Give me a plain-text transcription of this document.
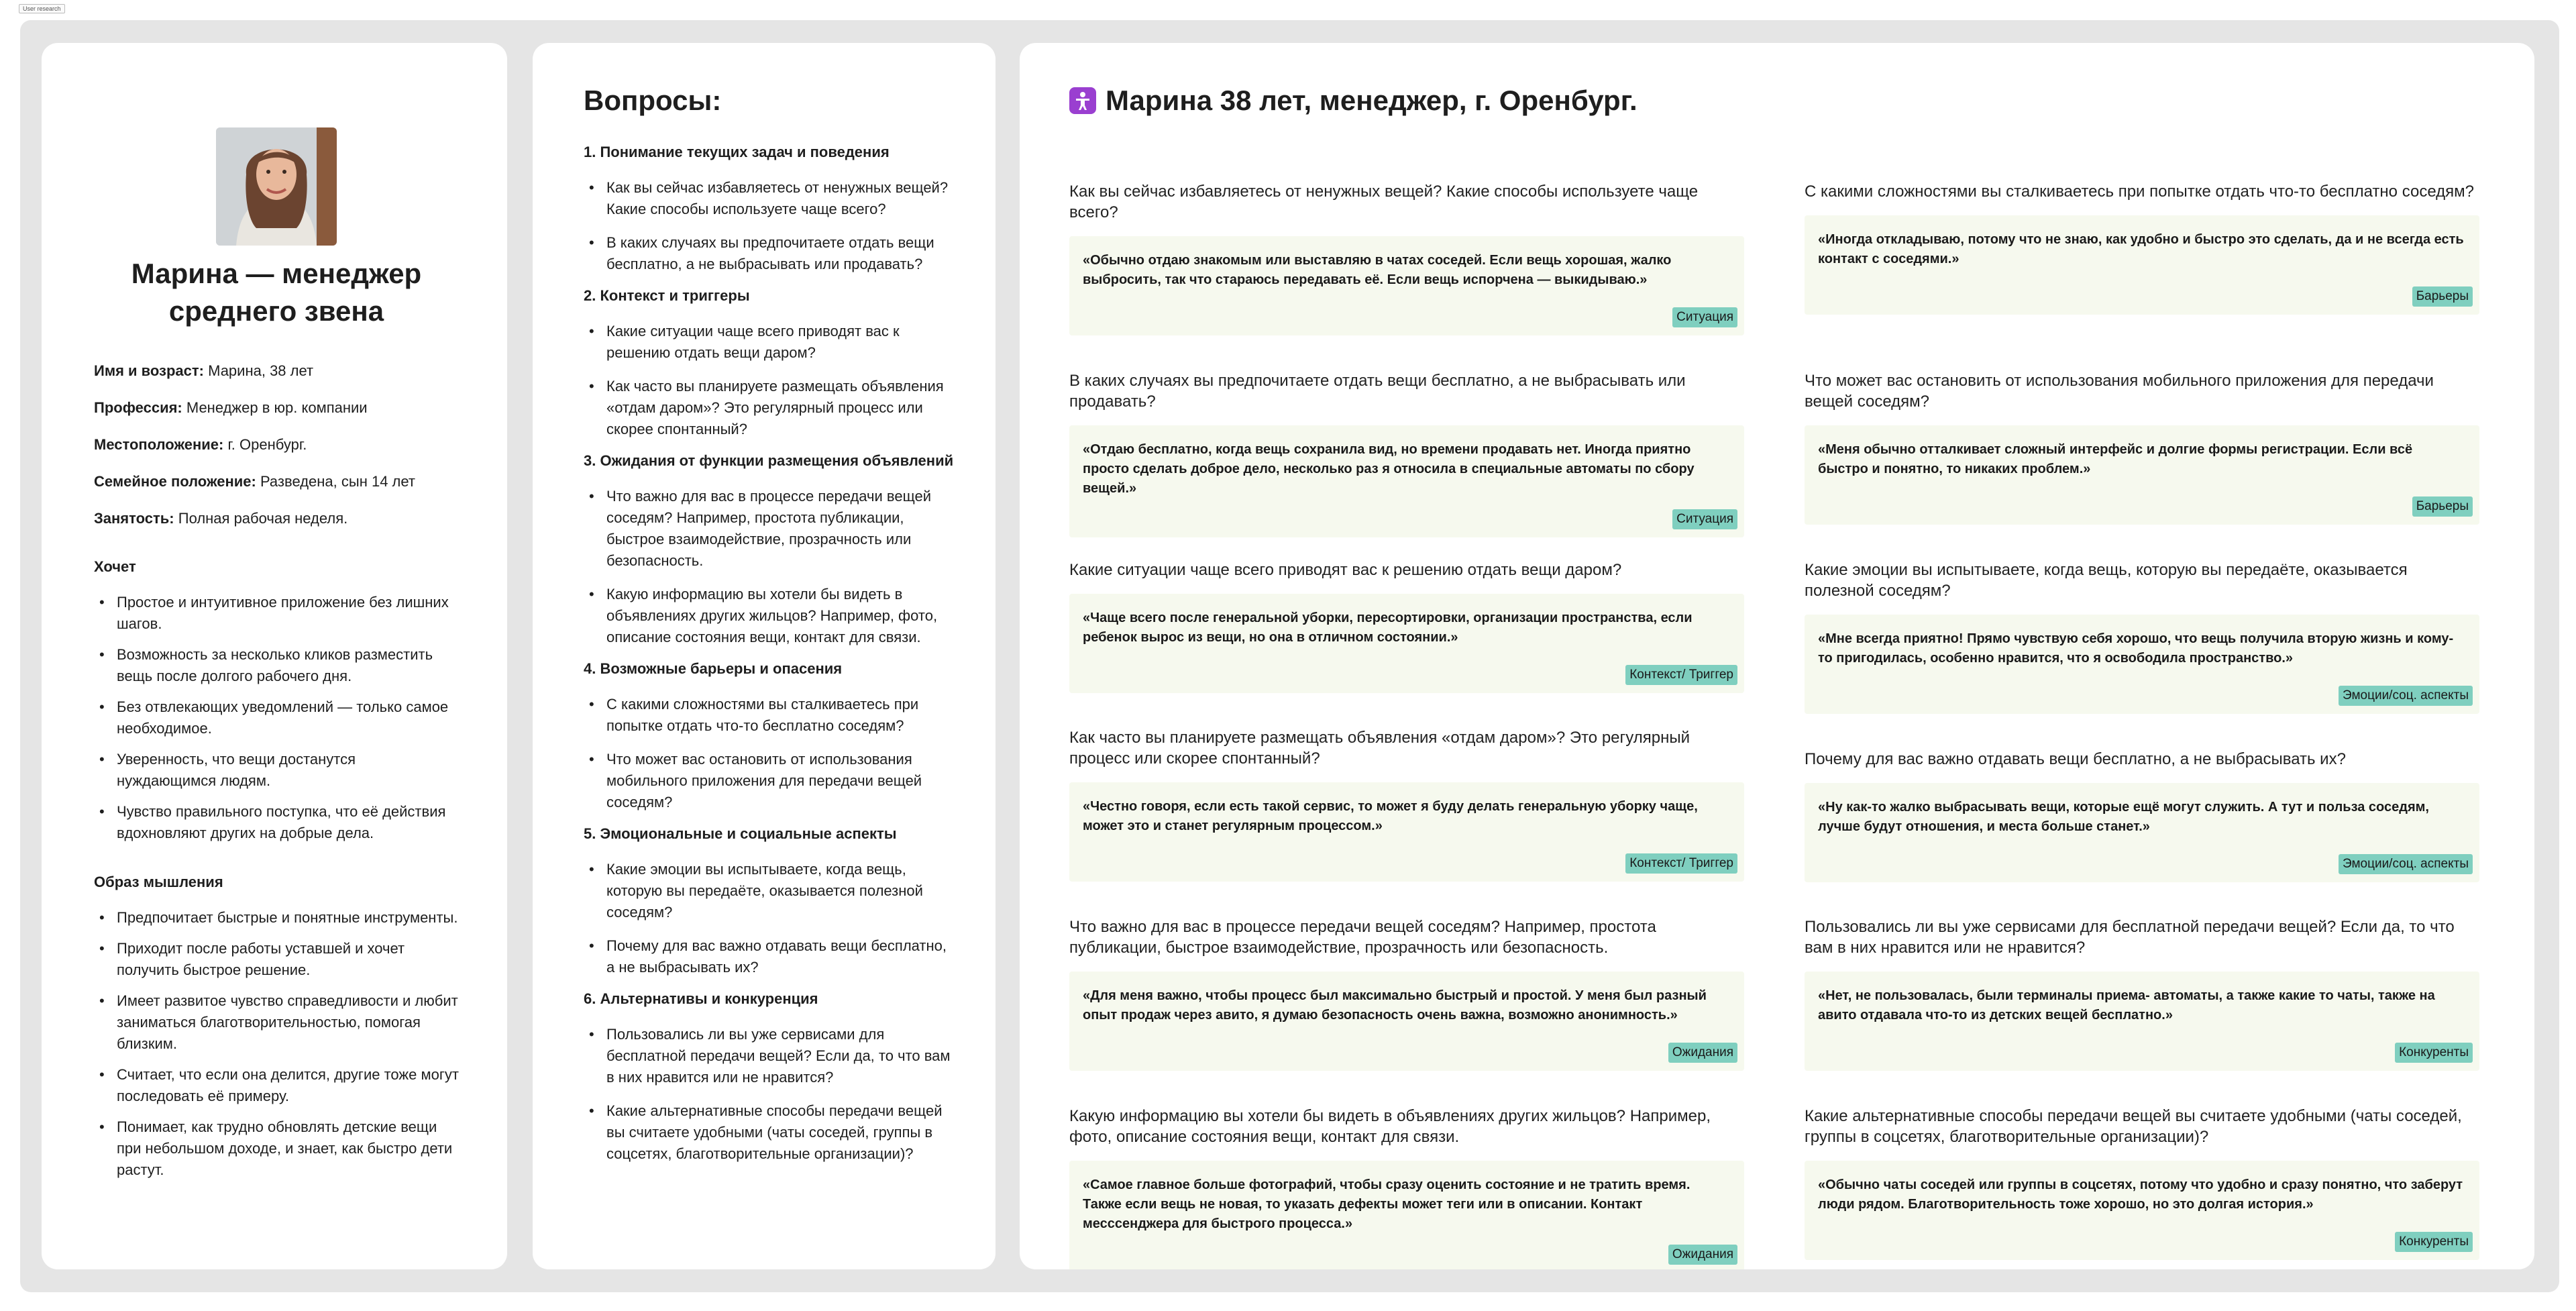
User research
Марина — менеджер среднего звена

Имя и возраст: Марина, 38 лет

Профессия: Менеджер в юр. компании

Местоположение: г. Оренбург.

Семейное положение: Разведена, сын 14 лет

Занятость: Полная рабочая неделя.

Хочет
• Простое и интуитивное приложение без лишних шагов.
• Возможность за несколько кликов разместить вещь после долгого рабочего дня.
• Без отвлекающих уведомлений — только самое необходимое.
• Уверенность, что вещи достанутся нуждающимся людям.
• Чувство правильного поступка, что её действия вдохновляют других на добрые дела.
Образ мышления
• Предпочитает быстрые и понятные инструменты.
• Приходит после работы уставшей и хочет получить быстрое решение.
• Имеет развитое чувство справедливости и любит заниматься благотворительностью, помогая близким.
• Считает, что если она делится, другие тоже могут последовать её примеру.
• Понимает, как трудно обновлять детские вещи при небольшом доходе, и знает, как быстро дети растут.
Вопросы:
1. Понимание текущих задач и поведения
• Как вы сейчас избавляетесь от ненужных вещей? Какие способы используете чаще всего?
• В каких случаях вы предпочитаете отдать вещи бесплатно, а не выбрасывать или продавать?
2. Контекст и триггеры
• Какие ситуации чаще всего приводят вас к решению отдать вещи даром?
• Как часто вы планируете размещать объявления «отдам даром»? Это регулярный процесс или скорее спонтанный?
3. Ожидания от функции размещения объявлений
• Что важно для вас в процессе передачи вещей соседям? Например, простота публикации, быстрое взаимодействие, прозрачность или безопасность.
• Какую информацию вы хотели бы видеть в объявлениях других жильцов? Например, фото, описание состояния вещи, контакт для связи.
4. Возможные барьеры и опасения
• С какими сложностями вы сталкиваетесь при попытке отдать что-то бесплатно соседям?
• Что может вас остановить от использования мобильного приложения для передачи вещей соседям?
5. Эмоциональные и социальные аспекты
• Какие эмоции вы испытываете, когда вещь, которую вы передаёте, оказывается полезной соседям?
• Почему для вас важно отдавать вещи бесплатно, а не выбрасывать их?
6. Альтернативы и конкуренция
• Пользовались ли вы уже сервисами для бесплатной передачи вещей? Если да, то что вам в них нравится или не нравится?
• Какие альтернативные способы передачи вещей вы считаете удобными (чаты соседей, группы в соцсетях, благотворительные организации)?
Марина 38 лет, менеджер, г. Оренбург.

Как вы сейчас избавляетесь от ненужных вещей? Какие способы используете чаще всего?

«Обычно отдаю знакомым или выставляю в чатах соседей. Если вещь хорошая, жалко выбросить, так что стараюсь передавать её. Если вещь испорчена — выкидываю.»

Ситуация

В каких случаях вы предпочитаете отдать вещи бесплатно, а не выбрасывать или продавать?

«Отдаю бесплатно, когда вещь сохранила вид, но времени продавать нет. Иногда приятно просто сделать доброе дело, несколько раз я относила в специальные автоматы по сбору вещей.»

Ситуация

Какие ситуации чаще всего приводят вас к решению отдать вещи даром?

«Чаще всего после генеральной уборки, пересортировки, организации пространства, если ребенок вырос из вещи, но она в отличном состоянии.»

Контекст/ Триггер

Как часто вы планируете размещать объявления «отдам даром»? Это регулярный процесс или скорее спонтанный?

«Честно говоря, если есть такой сервис, то может я буду делать генеральную уборку чаще, может это и станет регулярным процессом.»

Контекст/ Триггер

Что важно для вас в процессе передачи вещей соседям? Например, простота публикации, быстрое взаимодействие, прозрачность или безопасность.

«Для меня важно, чтобы процесс был максимально быстрый и простой. У меня был разный опыт продаж через авито, я думаю безопасность очень важна, возможно анонимность.»

Ожидания

Какую информацию вы хотели бы видеть в объявлениях других жильцов? Например, фото, описание состояния вещи, контакт для связи.

«Самое главное больше фотографий, чтобы сразу оценить состояние и не тратить время. Также если вещь не новая, то указать дефекты может теги или в описании. Контакт месссенджера для быстрого процесса.»

Ожидания

С какими сложностями вы сталкиваетесь при попытке отдать что-то бесплатно соседям?

«Иногда откладываю, потому что не знаю, как удобно и быстро это сделать, да и не всегда есть контакт с соседями.»

Барьеры

Что может вас остановить от использования мобильного приложения для передачи вещей соседям?

«Меня обычно отталкивает сложный интерфейс и долгие формы регистрации. Если всё быстро и понятно, то никаких проблем.»

Барьеры

Какие эмоции вы испытываете, когда вещь, которую вы передаёте, оказывается полезной соседям?

«Мне всегда приятно! Прямо чувствую себя хорошо, что вещь получила вторую жизнь и кому-то пригодилась, особенно нравится, что я освободила пространство.»

Эмоции/соц. аспекты

Почему для вас важно отдавать вещи бесплатно, а не выбрасывать их?

«Ну как-то жалко выбрасывать вещи, которые ещё могут служить. А тут и польза соседям, лучше будут отношения, и места больше станет.»

Эмоции/соц. аспекты

Пользовались ли вы уже сервисами для бесплатной передачи вещей? Если да, то что вам в них нравится или не нравится?

«Нет, не пользовалась, были терминалы приема- автоматы, а также какие то чаты, также на авито отдавала что-то из детских вещей бесплатно.»

Конкуренты

Какие альтернативные способы передачи вещей вы считаете удобными (чаты соседей, группы в соцсетях, благотворительные организации)?

«Обычно чаты соседей или группы в соцсетях, потому что удобно и сразу понятно, что заберут люди рядом. Благотворительность тоже хорошо, но это долгая история.»

Конкуренты
